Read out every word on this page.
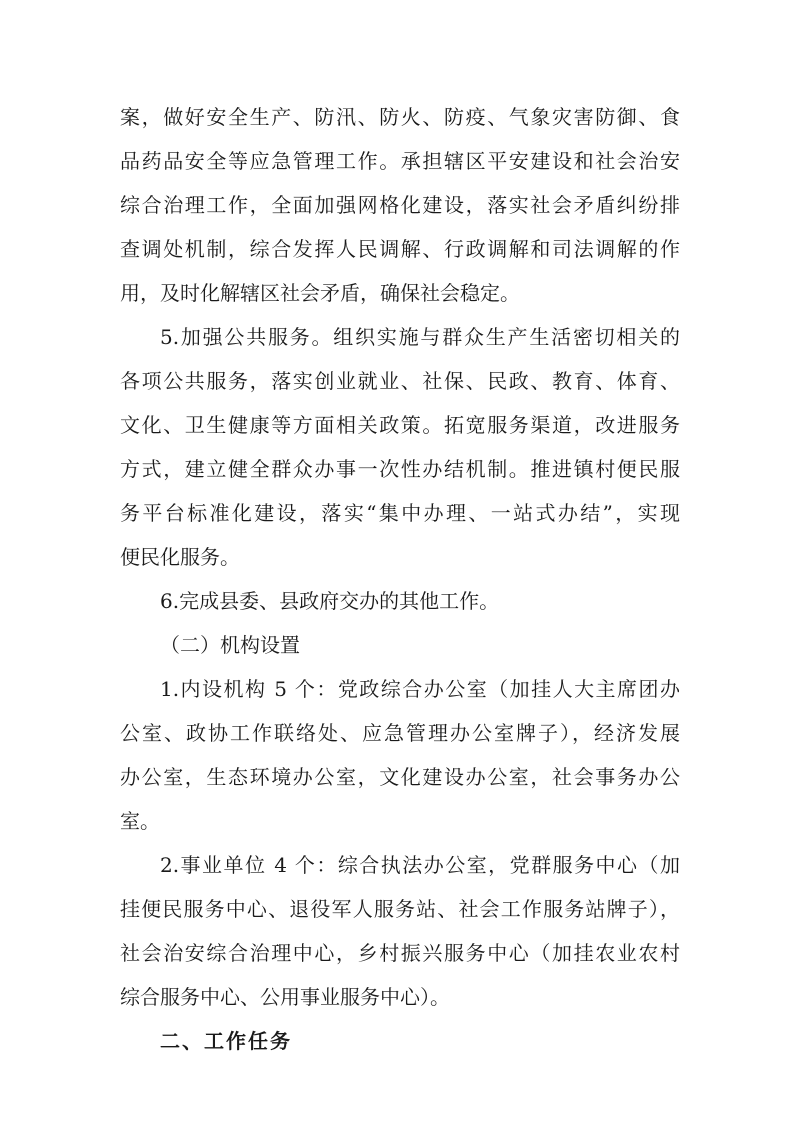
案，做好安全生产、防汛、防火、防疫、气象灾害防御、食
品药品安全等应急管理工作。承担辖区平安建设和社会治安
综合治理工作，全面加强网格化建设，落实社会矛盾纠纷排
查调处机制，综合发挥人民调解、行政调解和司法调解的作
用，及时化解辖区社会矛盾，确保社会稳定。
5.加强公共服务。组织实施与群众生产生活密切相关的
各项公共服务，落实创业就业、社保、民政、教育、体育、
文化、卫生健康等方面相关政策。拓宽服务渠道，改进服务
方式，建立健全群众办事一次性办结机制。推进镇村便民服
务平台标准化建设，落实“集中办理、一站式办结”，实现
便民化服务。
6.完成县委、县政府交办的其他工作。
（二）机构设置
1.内设机构 5 个：党政综合办公室（加挂人大主席团办
公室、政协工作联络处、应急管理办公室牌子），经济发展
办公室，生态环境办公室，文化建设办公室，社会事务办公
室。
2.事业单位 4 个：综合执法办公室，党群服务中心（加
挂便民服务中心、退役军人服务站、社会工作服务站牌子），
社会治安综合治理中心，乡村振兴服务中心（加挂农业农村
综合服务中心、公用事业服务中心）。
二、工作任务
